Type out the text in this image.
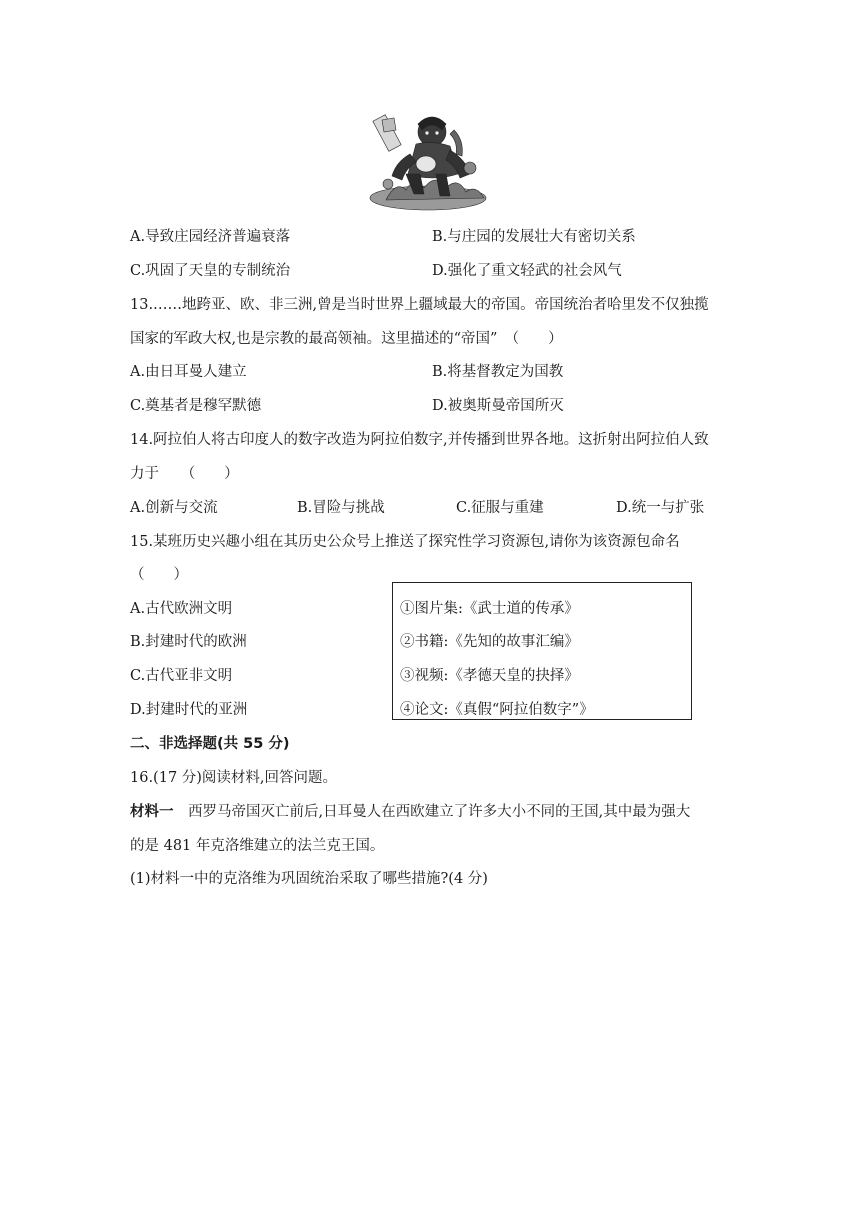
A.导致庄园经济普遍衰落	B.与庄园的发展壮大有密切关系
C.巩固了天皇的专制统治	D.强化了重文轻武的社会风气
13.……地跨亚、欧、非三洲,曾是当时世界上疆域最大的帝国。帝国统治者哈里发不仅独揽
国家的军政大权,也是宗教的最高领袖。这里描述的“帝国”　（　　）
A.由日耳曼人建立	B.将基督教定为国教
C.奠基者是穆罕默德	D.被奥斯曼帝国所灭
14.阿拉伯人将古印度人的数字改造为阿拉伯数字,并传播到世界各地。这折射出阿拉伯人致
力于　　（　　）
A.创新与交流	B.冒险与挑战	C.征服与重建	D.统一与扩张
15.某班历史兴趣小组在其历史公众号上推送了探究性学习资源包,请你为该资源包命名
（　　）
A.古代欧洲文明
B.封建时代的欧洲
C.古代亚非文明
D.封建时代的亚洲
①图片集:《武士道的传承》
②书籍:《先知的故事汇编》
③视频:《孝德天皇的抉择》
④论文:《真假“阿拉伯数字”》
二、非选择题(共 55 分)
16.(17 分)阅读材料,回答问题。
材料一　西罗马帝国灭亡前后,日耳曼人在西欧建立了许多大小不同的王国,其中最为强大
的是 481 年克洛维建立的法兰克王国。
(1)材料一中的克洛维为巩固统治采取了哪些措施?(4 分)
